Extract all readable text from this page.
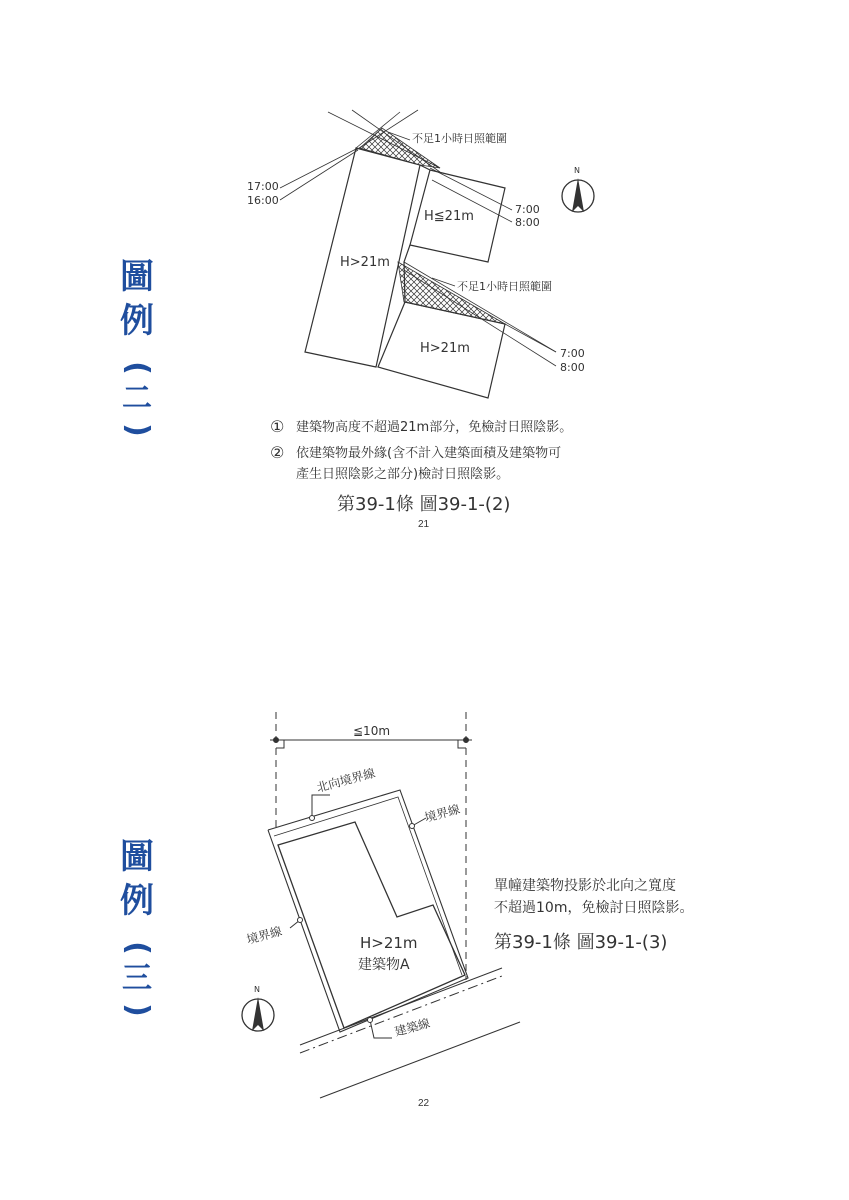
圖
例
(
二
)
圖
例
(
三
)
不足1小時日照範圍
不足1小時日照範圍
17:00
16:00
7:00
8:00
7:00
8:00
H>21m
H≦21m
H>21m
N
① 建築物高度不超過21m部分，免檢討日照陰影。
② 依建築物最外緣(含不計入建築面積及建築物可
產生日照陰影之部分)檢討日照陰影。
第39-1條 圖39-1-(2)
21
≦10m
北向境界線
境界線
境界線	H>21m
建築物A
建築線
單幢建築物投影於北向之寬度
不超過10m，免檢討日照陰影。
第39-1條 圖39-1-(3)
N
22
